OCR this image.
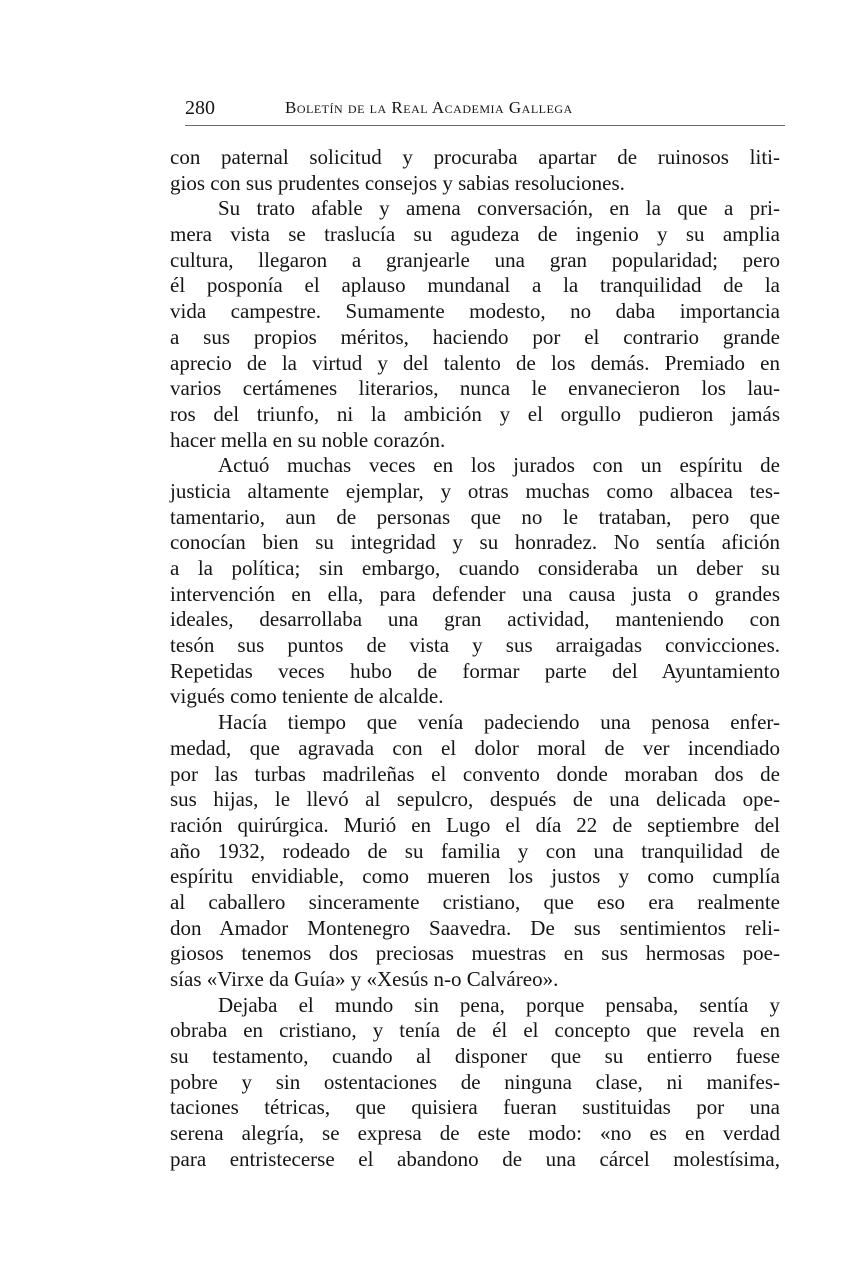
280	Boletín de la Real Academia Gallega
con paternal solicitud y procuraba apartar de ruinosos liti-
gios con sus prudentes consejos y sabias resoluciones.
Su trato afable y amena conversación, en la que a pri-
mera vista se traslucía su agudeza de ingenio y su amplia
cultura, llegaron a granjearle una gran popularidad; pero
él posponía el aplauso mundanal a la tranquilidad de la
vida campestre. Sumamente modesto, no daba importancia
a sus propios méritos, haciendo por el contrario grande
aprecio de la virtud y del talento de los demás. Premiado en
varios certámenes literarios, nunca le envanecieron los lau-
ros del triunfo, ni la ambición y el orgullo pudieron jamás
hacer mella en su noble corazón.
Actuó muchas veces en los jurados con un espíritu de
justicia altamente ejemplar, y otras muchas como albacea tes-
tamentario, aun de personas que no le trataban, pero que
conocían bien su integridad y su honradez. No sentía afición
a la política; sin embargo, cuando consideraba un deber su
intervención en ella, para defender una causa justa o grandes
ideales, desarrollaba una gran actividad, manteniendo con
tesón sus puntos de vista y sus arraigadas convicciones.
Repetidas veces hubo de formar parte del Ayuntamiento
vigués como teniente de alcalde.
Hacía tiempo que venía padeciendo una penosa enfer-
medad, que agravada con el dolor moral de ver incendiado
por las turbas madrileñas el convento donde moraban dos de
sus hijas, le llevó al sepulcro, después de una delicada ope-
ración quirúrgica. Murió en Lugo el día 22 de septiembre del
año 1932, rodeado de su familia y con una tranquilidad de
espíritu envidiable, como mueren los justos y como cumplía
al caballero sinceramente cristiano, que eso era realmente
don Amador Montenegro Saavedra. De sus sentimientos reli-
giosos tenemos dos preciosas muestras en sus hermosas poe-
sías «Virxe da Guía» y «Xesús n-o Calváreo».
Dejaba el mundo sin pena, porque pensaba, sentía y
obraba en cristiano, y tenía de él el concepto que revela en
su testamento, cuando al disponer que su entierro fuese
pobre y sin ostentaciones de ninguna clase, ni manifes-
taciones tétricas, que quisiera fueran sustituidas por una
serena alegría, se expresa de este modo: «no es en verdad
para entristecerse el abandono de una cárcel molestísima,
